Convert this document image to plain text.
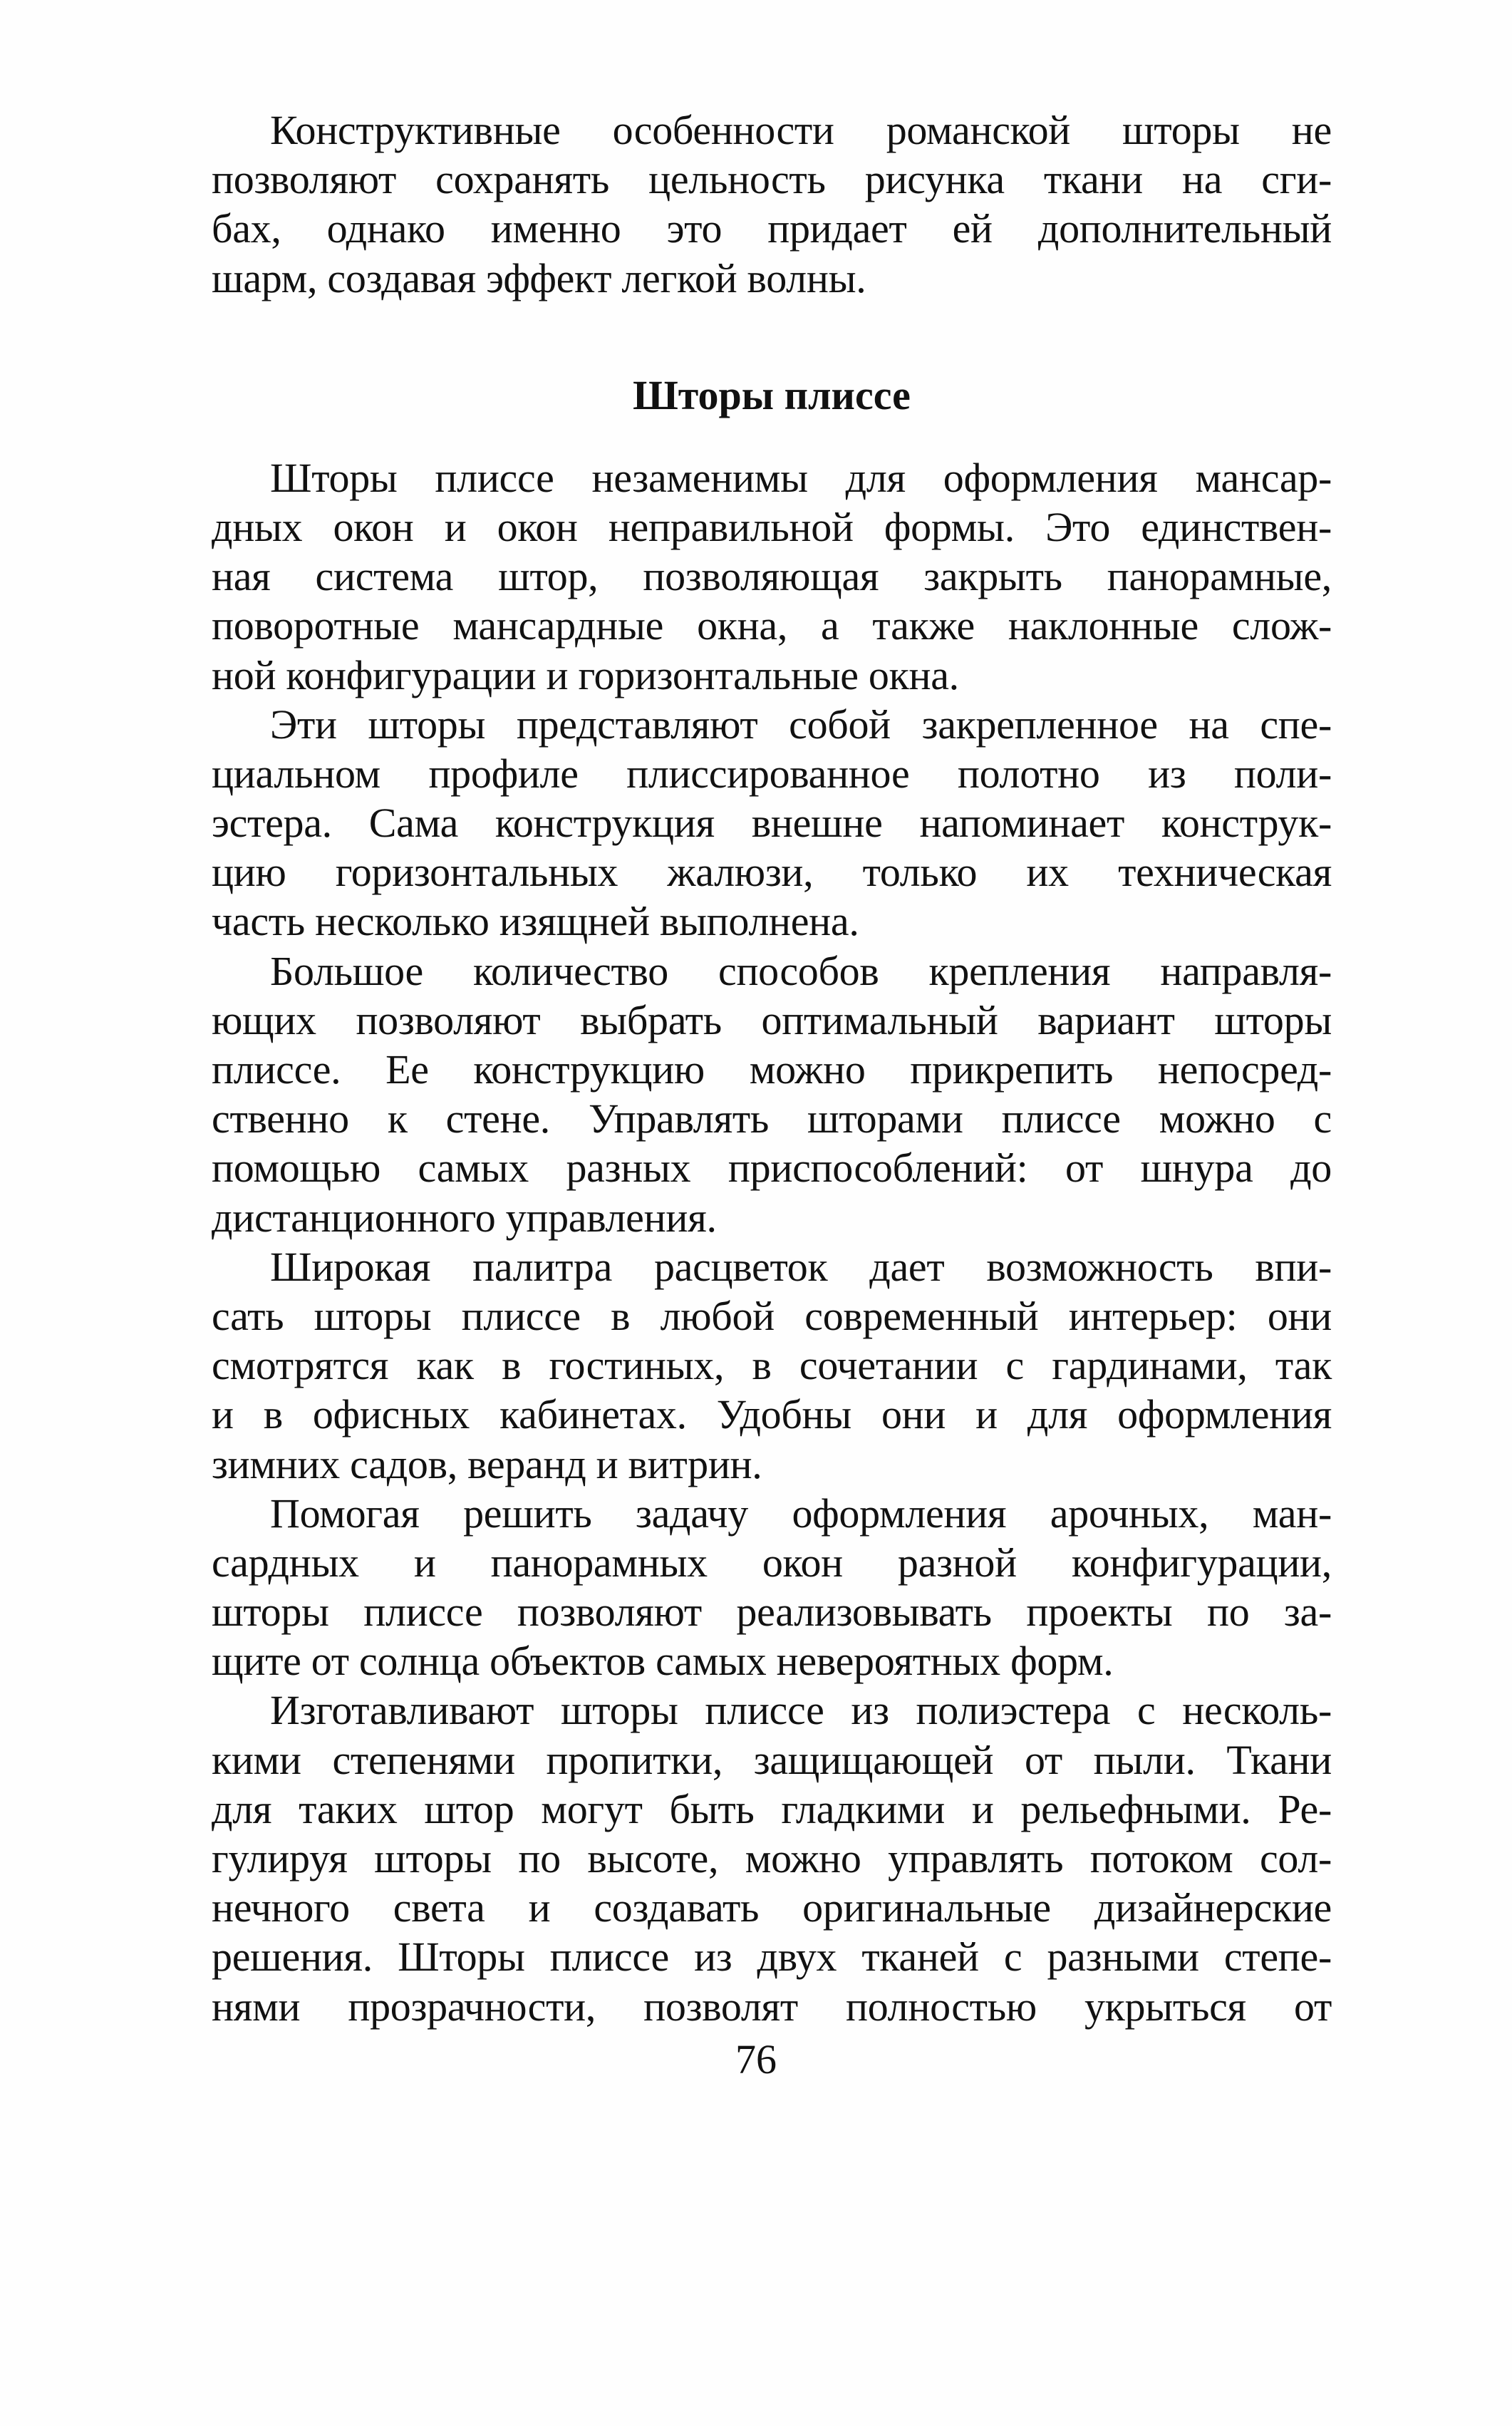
Конструктивные особенности романской шторы не
позволяют сохранять цельность рисунка ткани на сги -
бах, однако именно это придает ей дополнительный
шарм, создавая эффект легкой волны.

Шторы плиссе

Шторы плиссе незаменимы для оформления мансар -
дных окон и окон неправильной формы. Это единствен -
ная система штор, позволяющая закрыть панорамные,
поворотные мансардные окна, а также наклонные слож -
ной конфигурации и горизонтальные окна.

Эти шторы представляют собой закрепленное на спе -
циальном профиле плиссированное полотно из поли -
эстера. Сама конструкция внешне напоминает конструк -
цию горизонтальных жалюзи, только их техническая
часть несколько изящней выполнена.

Большое количество способов крепления направля -
ющих позволяют выбрать оптимальный вариант шторы
плиссе. Ее конструкцию можно прикрепить непосред -
ственно к стене. Управлять шторами плиссе можно с
помощью самых разных приспособлений: от шнура до
дистанционного управления.

Широкая палитра расцветок дает возможность впи -
сать шторы плиссе в любой современный интерьер: они
смотрятся как в гостиных, в сочетании с гардинами, так
и в офисных кабинетах. Удобны они и для оформления
зимних садов, веранд и витрин.

Помогая решить задачу оформления арочных, ман -
сардных и панорамных окон разной конфигурации,
шторы плиссе позволяют реализовывать проекты по за -
щите от солнца объектов самых невероятных форм.

Изготавливают шторы плиссе из полиэстера с несколь -
кими степенями пропитки, защищающей от пыли. Ткани
для таких штор могут быть гладкими и рельефными. Ре -
гулируя шторы по высоте, можно управлять потоком сол -
нечного света и создавать оригинальные дизайнерские
решения. Шторы плиссе из двух тканей с разными степе -
нями прозрачности, позволят полностью укрыться от

76
